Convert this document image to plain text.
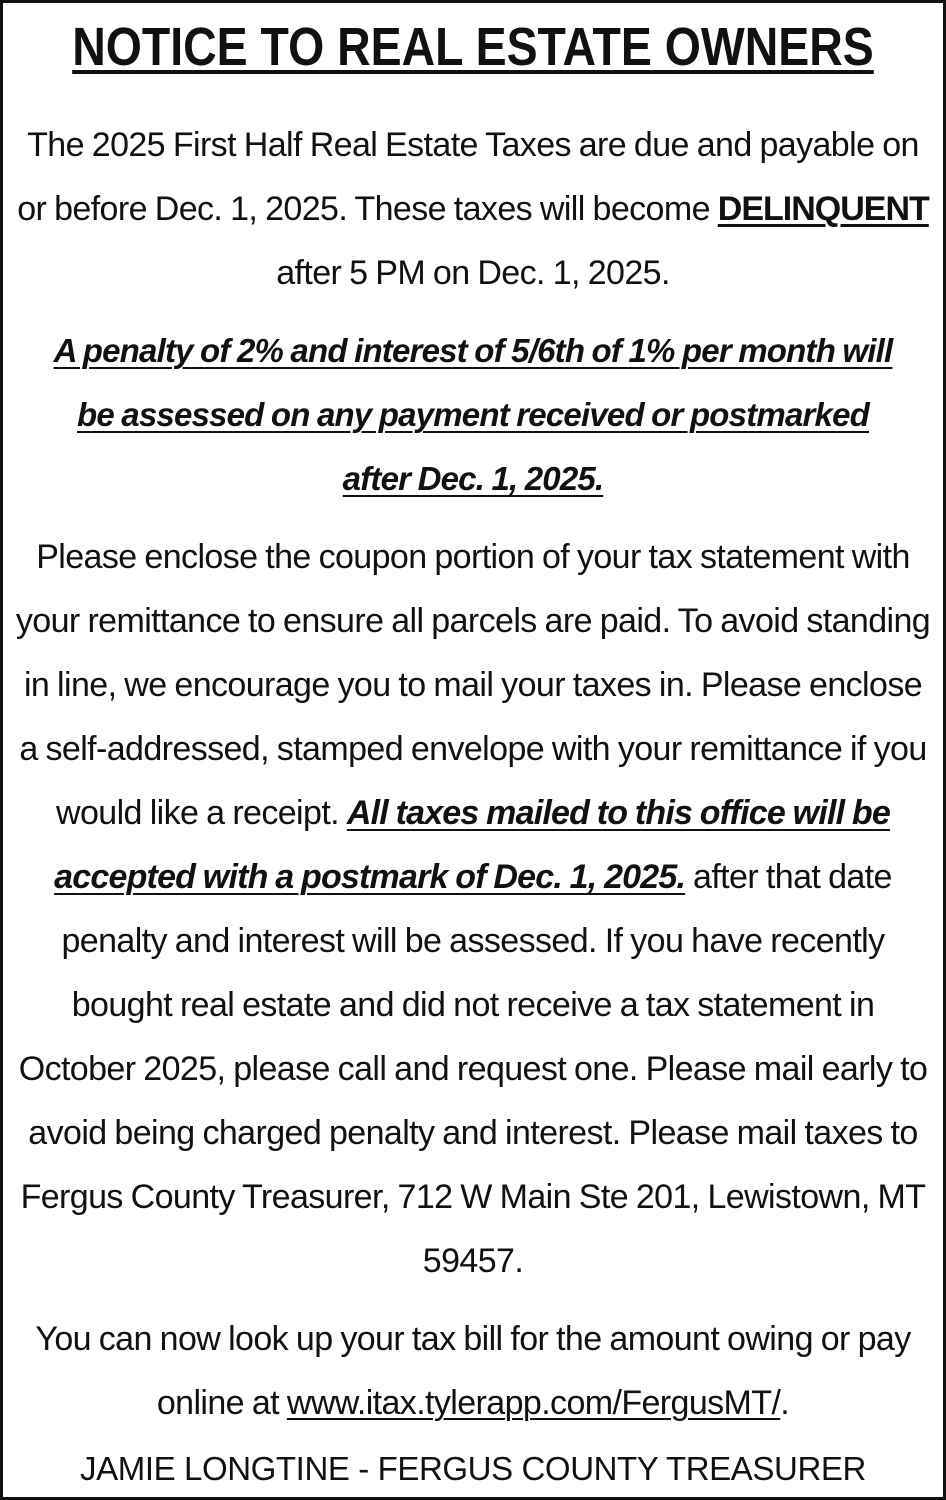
NOTICE TO REAL ESTATE OWNERS
The 2025 First Half Real Estate Taxes are due and payable on or before Dec. 1, 2025. These taxes will become DELINQUENT after 5 PM on Dec. 1, 2025.
A penalty of 2% and interest of 5/6th of 1% per month will be assessed on any payment received or postmarked after Dec. 1, 2025.
Please enclose the coupon portion of your tax statement with your remittance to ensure all parcels are paid. To avoid standing in line, we encourage you to mail your taxes in. Please enclose a self-addressed, stamped envelope with your remittance if you would like a receipt. All taxes mailed to this office will be accepted with a postmark of Dec. 1, 2025. after that date penalty and interest will be assessed. If you have recently bought real estate and did not receive a tax statement in October 2025, please call and request one. Please mail early to avoid being charged penalty and interest. Please mail taxes to Fergus County Treasurer, 712 W Main Ste 201, Lewistown, MT 59457.
You can now look up your tax bill for the amount owing or pay online at www.itax.tylerapp.com/FergusMT/.
JAMIE LONGTINE - FERGUS COUNTY TREASURER
